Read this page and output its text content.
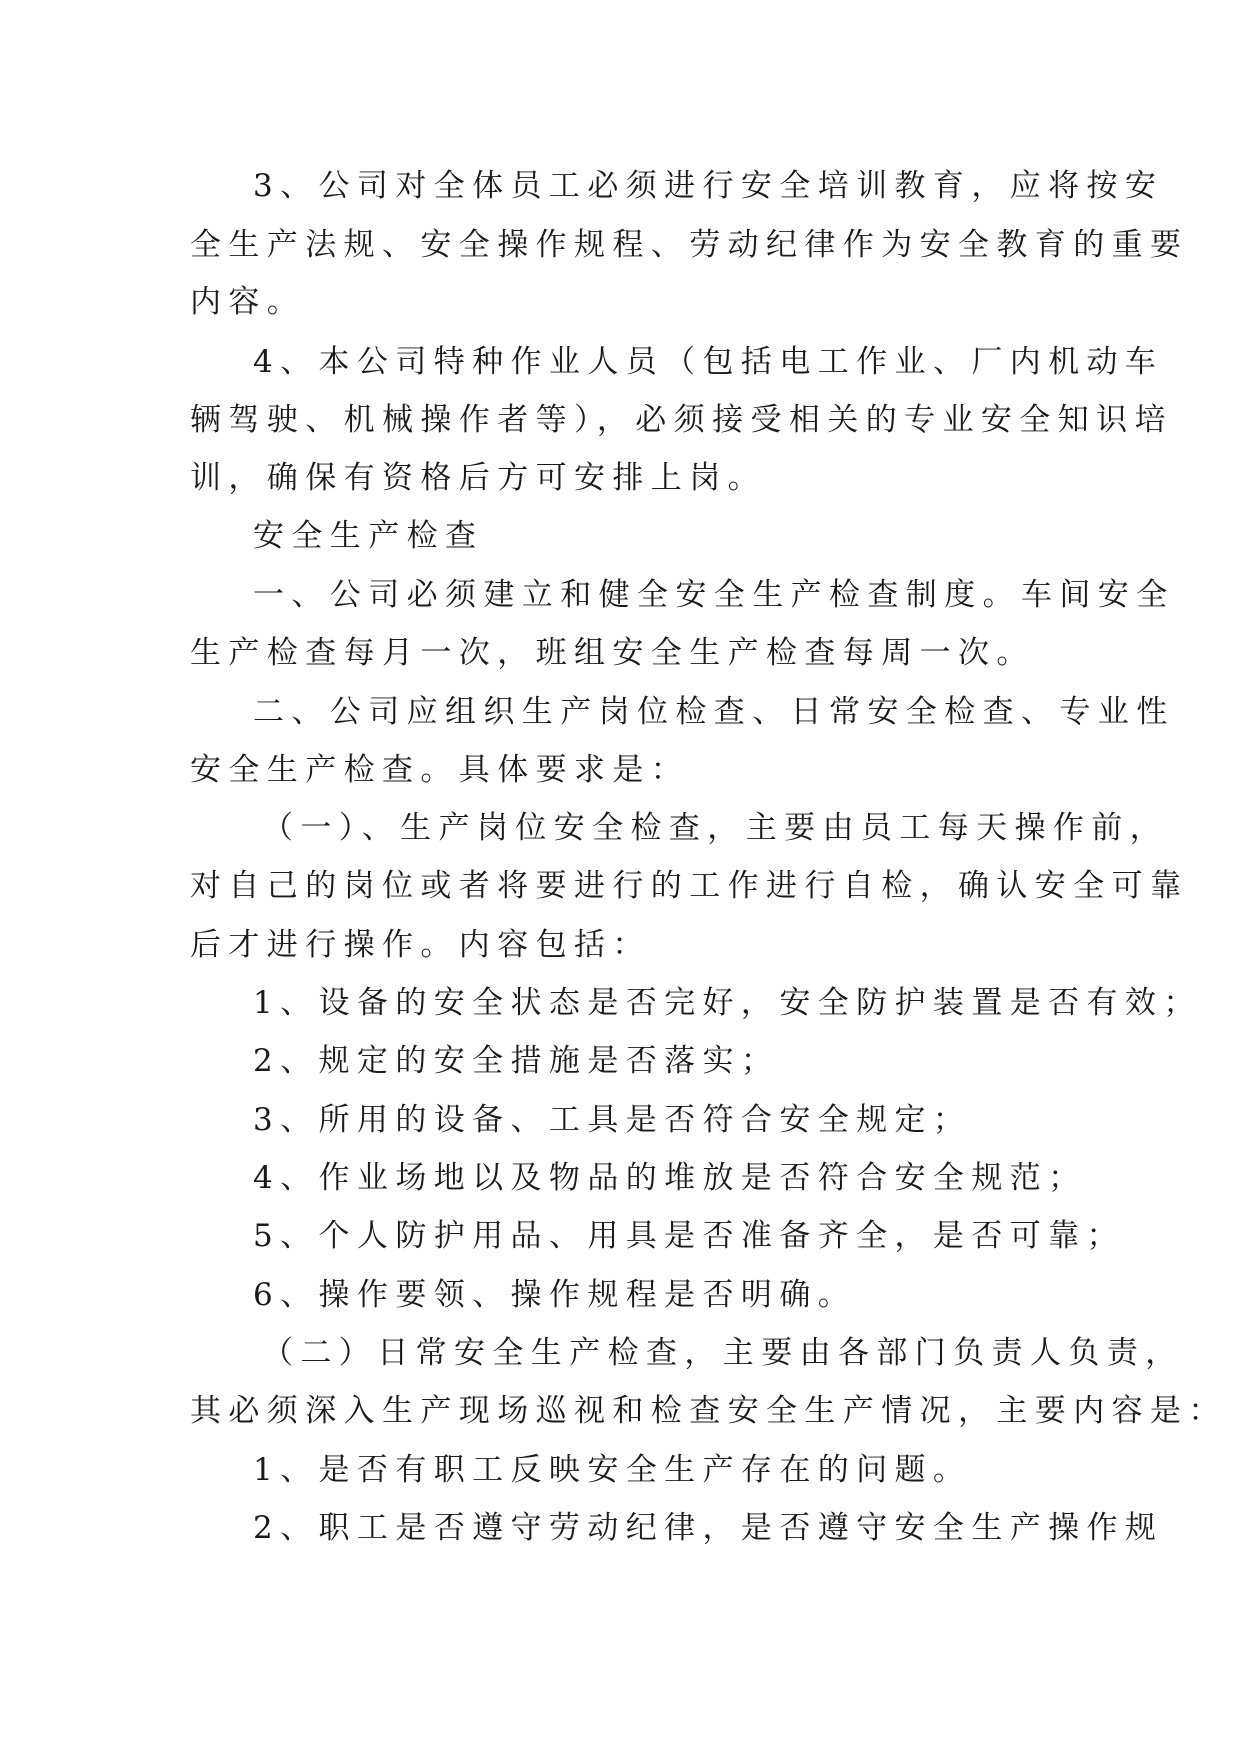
3、公司对全体员工必须进行安全培训教育，应将按安
全生产法规、安全操作规程、劳动纪律作为安全教育的重要
内容。
4、本公司特种作业人员（包括电工作业、厂内机动车
辆驾驶、机械操作者等），必须接受相关的专业安全知识培
训，确保有资格后方可安排上岗。
安全生产检查
一、公司必须建立和健全安全生产检查制度。车间安全
生产检查每月一次，班组安全生产检查每周一次。
二、公司应组织生产岗位检查、日常安全检查、专业性
安全生产检查。具体要求是：
（一）、生产岗位安全检查，主要由员工每天操作前，
对自己的岗位或者将要进行的工作进行自检，确认安全可靠
后才进行操作。内容包括：
1、设备的安全状态是否完好，安全防护装置是否有效；
2、规定的安全措施是否落实；
3、所用的设备、工具是否符合安全规定；
4、作业场地以及物品的堆放是否符合安全规范；
5、个人防护用品、用具是否准备齐全，是否可靠；
6、操作要领、操作规程是否明确。
（二）日常安全生产检查，主要由各部门负责人负责，
其必须深入生产现场巡视和检查安全生产情况，主要内容是：
1、是否有职工反映安全生产存在的问题。
2、职工是否遵守劳动纪律，是否遵守安全生产操作规
